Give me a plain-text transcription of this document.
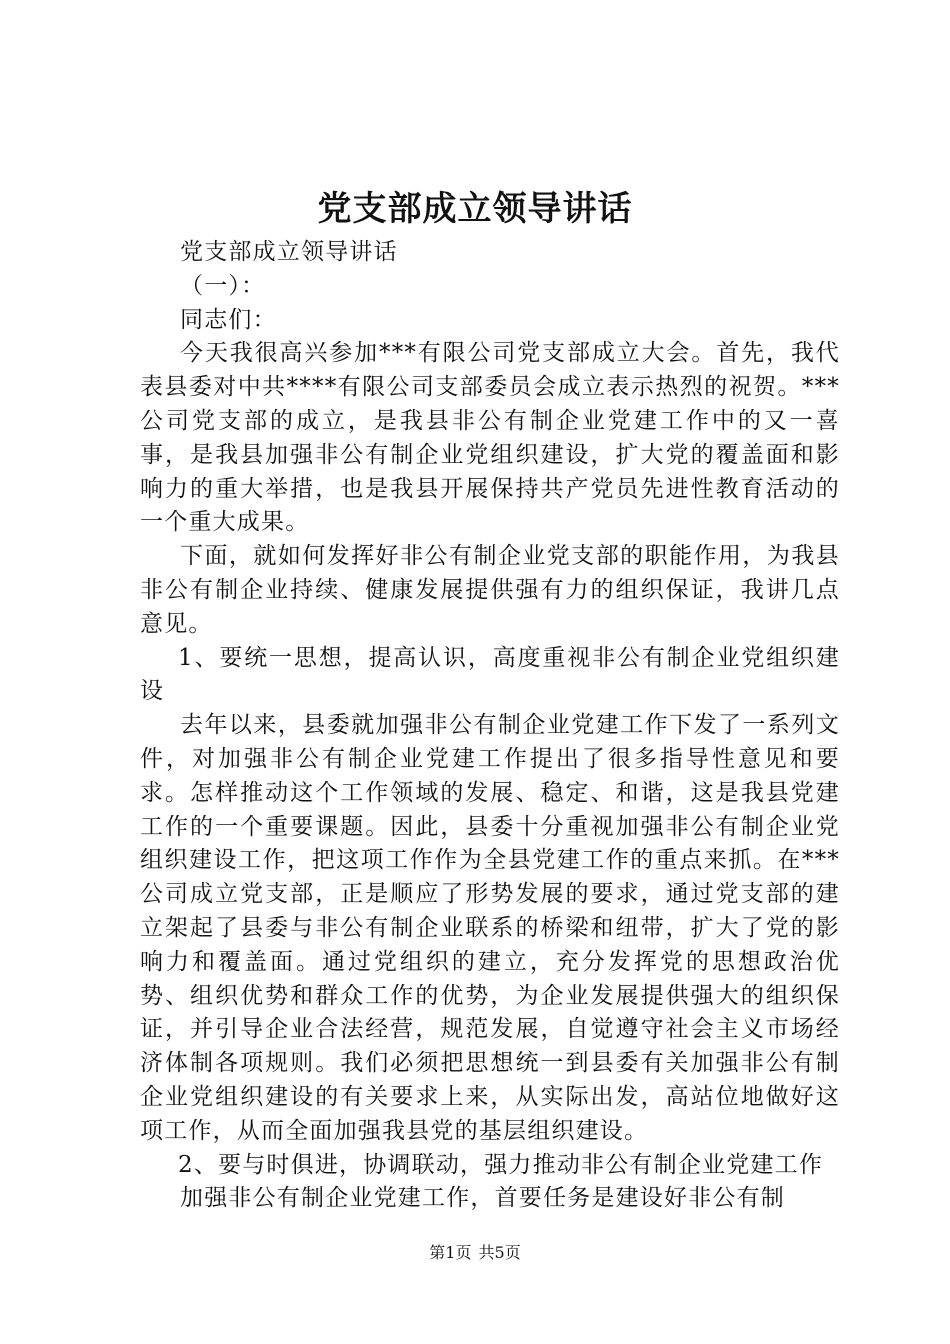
党支部成立领导讲话

党支部成立领导讲话

（一）：

同志们：

今天我很高兴参加***有限公司党支部成立大会。首先，我代表县委对中共****有限公司支部委员会成立表示热烈的祝贺。***公司党支部的成立，是我县非公有制企业党建工作中的又一喜事，是我县加强非公有制企业党组织建设，扩大党的覆盖面和影响力的重大举措，也是我县开展保持共产党员先进性教育活动的一个重大成果。

下面，就如何发挥好非公有制企业党支部的职能作用，为我县非公有制企业持续、健康发展提供强有力的组织保证，我讲几点意见。

1、要统一思想，提高认识，高度重视非公有制企业党组织建设

去年以来，县委就加强非公有制企业党建工作下发了一系列文件，对加强非公有制企业党建工作提出了很多指导性意见和要求。怎样推动这个工作领域的发展、稳定、和谐，这是我县党建工作的一个重要课题。因此，县委十分重视加强非公有制企业党组织建设工作，把这项工作作为全县党建工作的重点来抓。在***公司成立党支部，正是顺应了形势发展的要求，通过党支部的建立架起了县委与非公有制企业联系的桥梁和纽带，扩大了党的影响力和覆盖面。通过党组织的建立，充分发挥党的思想政治优势、组织优势和群众工作的优势，为企业发展提供强大的组织保证，并引导企业合法经营，规范发展，自觉遵守社会主义市场经济体制各项规则。我们必须把思想统一到县委有关加强非公有制企业党组织建设的有关要求上来，从实际出发，高站位地做好这项工作，从而全面加强我县党的基层组织建设。

2、要与时俱进，协调联动，强力推动非公有制企业党建工作

加强非公有制企业党建工作，首要任务是建设好非公有制

第1页 共5页
